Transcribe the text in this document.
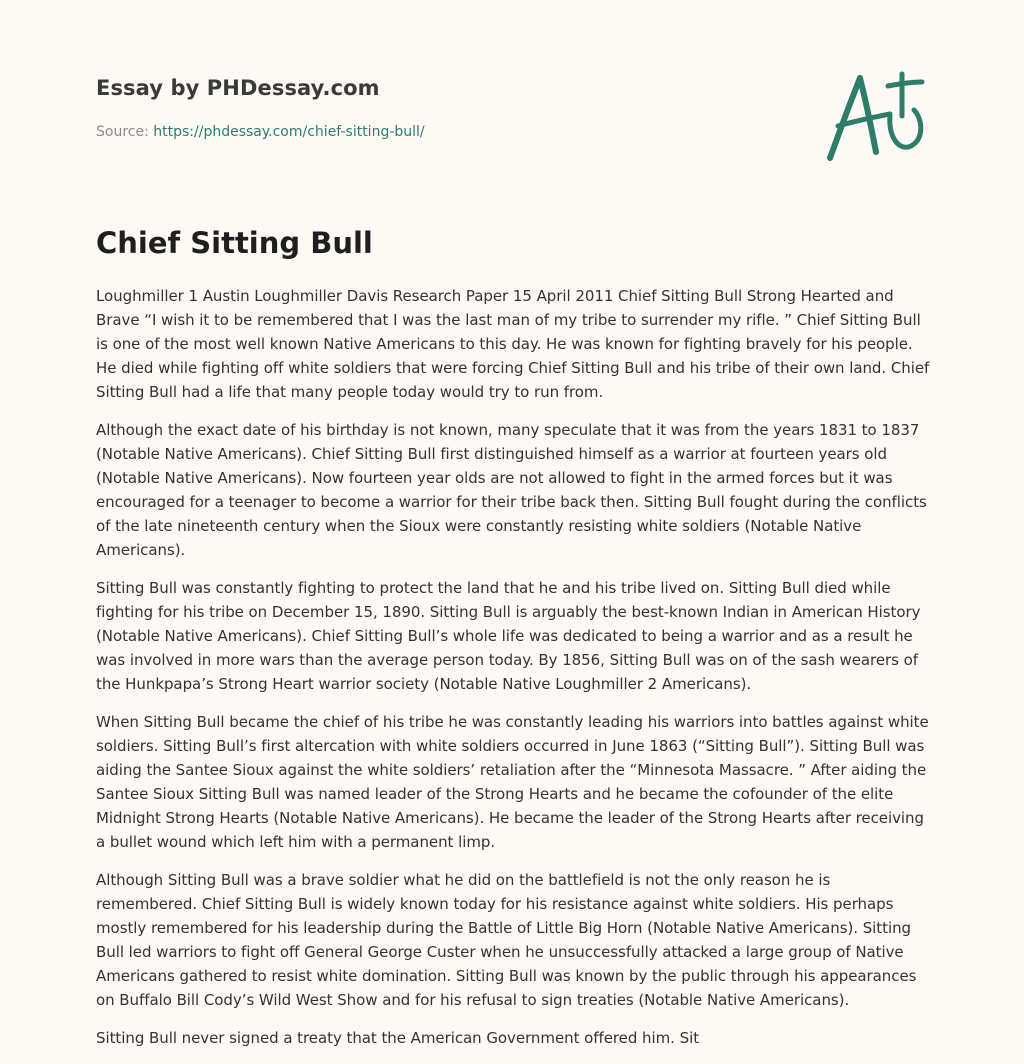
Essay by PHDessay.com
Source: https://phdessay.com/chief-sitting-bull/
Chief Sitting Bull

Loughmiller 1 Austin Loughmiller Davis Research Paper 15 April 2011 Chief Sitting Bull Strong Hearted and Brave “I wish it to be remembered that I was the last man of my tribe to surrender my rifle. ” Chief Sitting Bull is one of the most well known Native Americans to this day. He was known for fighting bravely for his people. He died while fighting off white soldiers that were forcing Chief Sitting Bull and his tribe of their own land. Chief Sitting Bull had a life that many people today would try to run from.

Although the exact date of his birthday is not known, many speculate that it was from the years 1831 to 1837 (Notable Native Americans). Chief Sitting Bull first distinguished himself as a warrior at fourteen years old (Notable Native Americans). Now fourteen year olds are not allowed to fight in the armed forces but it was encouraged for a teenager to become a warrior for their tribe back then. Sitting Bull fought during the conflicts of the late nineteenth century when the Sioux were constantly resisting white soldiers (Notable Native Americans).

Sitting Bull was constantly fighting to protect the land that he and his tribe lived on. Sitting Bull died while fighting for his tribe on December 15, 1890. Sitting Bull is arguably the best-known Indian in American History (Notable Native Americans). Chief Sitting Bull’s whole life was dedicated to being a warrior and as a result he was involved in more wars than the average person today. By 1856, Sitting Bull was on of the sash wearers of the Hunkpapa’s Strong Heart warrior society (Notable Native Loughmiller 2 Americans).

When Sitting Bull became the chief of his tribe he was constantly leading his warriors into battles against white soldiers. Sitting Bull’s first altercation with white soldiers occurred in June 1863 (“Sitting Bull”). Sitting Bull was aiding the Santee Sioux against the white soldiers’ retaliation after the “Minnesota Massacre. ” After aiding the Santee Sioux Sitting Bull was named leader of the Strong Hearts and he became the cofounder of the elite Midnight Strong Hearts (Notable Native Americans). He became the leader of the Strong Hearts after receiving a bullet wound which left him with a permanent limp.

Although Sitting Bull was a brave soldier what he did on the battlefield is not the only reason he is remembered. Chief Sitting Bull is widely known today for his resistance against white soldiers. His perhaps mostly remembered for his leadership during the Battle of Little Big Horn (Notable Native Americans). Sitting Bull led warriors to fight off General George Custer when he unsuccessfully attacked a large group of Native Americans gathered to resist white domination. Sitting Bull was known by the public through his appearances on Buffalo Bill Cody’s Wild West Show and for his refusal to sign treaties (Notable Native Americans).

Sitting Bull never signed a treaty that the American Government offered him. Sit
